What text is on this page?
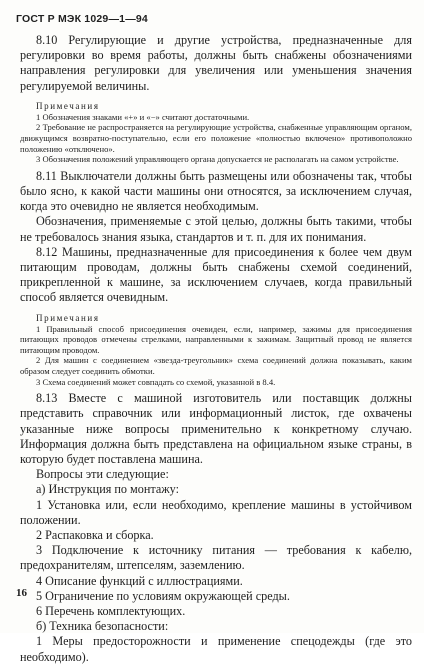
ГОСТ Р МЭК 1029—1—94

8.10 Регулирующие и другие устройства, предназначенные для регулировки во время работы, должны быть снабжены обозначениями направления регулировки для увеличения или уменьшения значения регулируемой величины.

Примечания

1 Обозначения знаками «+» и «−» считают достаточными.

2 Требование не распространяется на регулирующие устройства, снабженные управляющим органом, движущимся возвратно-поступательно, если его положение «полностью включено» противоположно положению «отключено».

3 Обозначения положений управляющего органа допускается не располагать на самом устройстве.

8.11 Выключатели должны быть размещены или обозначены так, чтобы было ясно, к какой части машины они относятся, за исключением случая, когда это очевидно не является необходимым.

Обозначения, применяемые с этой целью, должны быть такими, чтобы не требовалось знания языка, стандартов и т. п. для их понимания.

8.12 Машины, предназначенные для присоединения к более чем двум питающим проводам, должны быть снабжены схемой соединений, прикрепленной к машине, за исключением случаев, когда правильный способ является очевидным.

Примечания

1 Правильный способ присоединения очевиден, если, например, зажимы для присоединения питающих проводов отмечены стрелками, направленными к зажимам. Защитный провод не является питающим проводом.

2 Для машин с соединением «звезда-треугольник» схема соединений должна показывать, каким образом следует соединить обмотки.

3 Схема соединений может совпадать со схемой, указанной в 8.4.

8.13 Вместе с машиной изготовитель или поставщик должны представить справочник или информационный листок, где охвачены указанные ниже вопросы применительно к конкретному случаю. Информация должна быть представлена на официальном языке страны, в которую будет поставлена машина.

Вопросы эти следующие:

а) Инструкция по монтажу:

1 Установка или, если необходимо, крепление машины в устойчивом положении.

2 Распаковка и сборка.

3 Подключение к источнику питания — требования к кабелю, предохранителям, штепселям, заземлению.

4 Описание функций с иллюстрациями.

5 Ограничение по условиям окружающей среды.

6 Перечень комплектующих.

б) Техника безопасности:

1 Меры предосторожности и применение спецодежды (где это необходимо).

16
